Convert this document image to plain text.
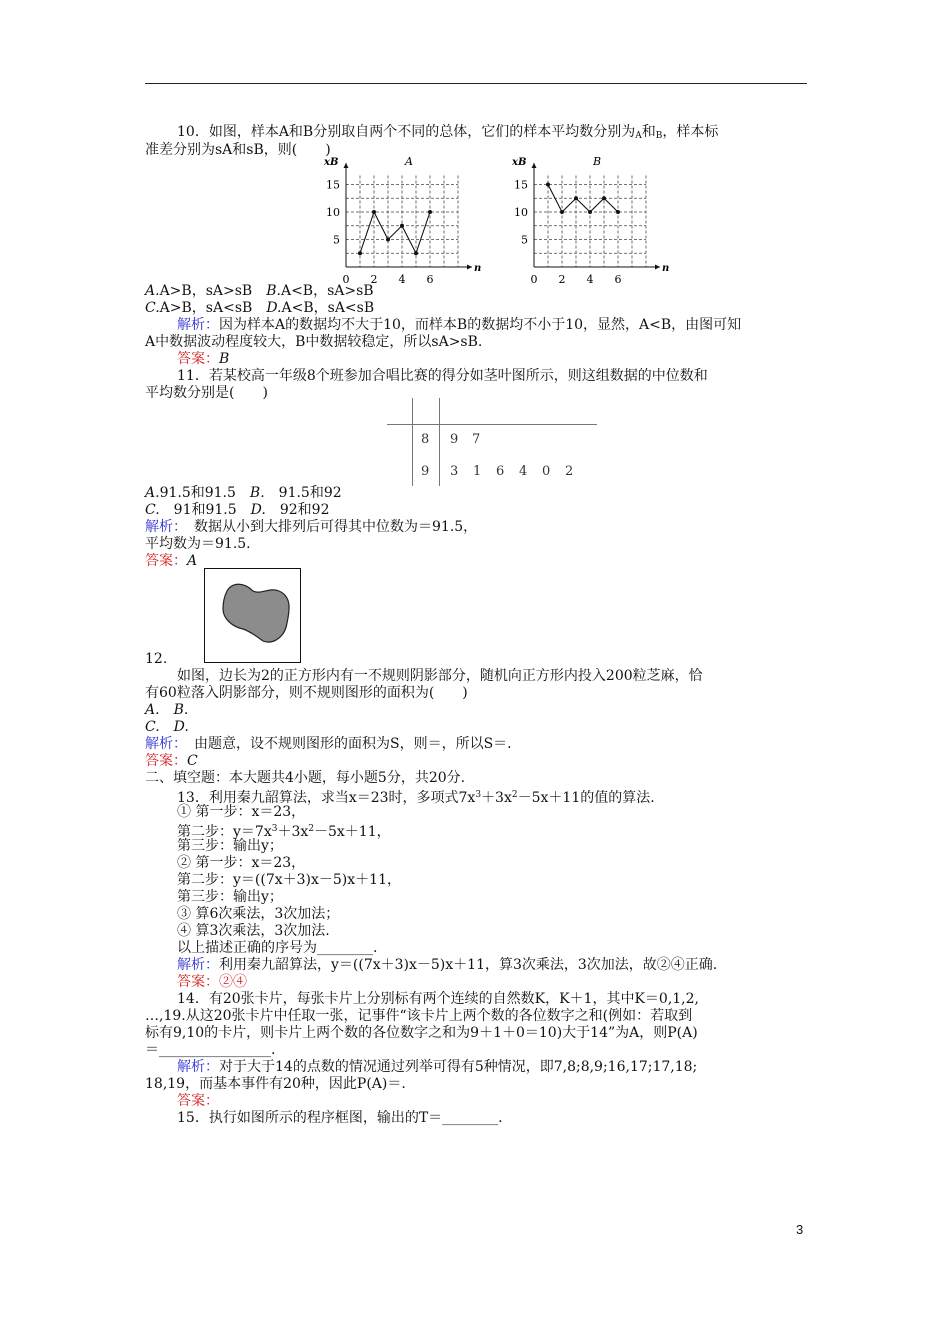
10．如图，样本A和B分别取自两个不同的总体，它们的样本平均数分别为$_A$和$_B$，样本标
准差分别为sA和sB，则(　　)
xB
n
A
5
10
15
0 2 4 6
xB
n
B
5
10
15
0 2 4 6
A.A>B，sA>sB　 B.A<B，sA>sB
C.A>B，sA<sB　 D.A<B，sA<sB
解析：因为样本A的数据均不大于10，而样本B的数据均不小于10，显然，A<B，由图可知
A中数据波动程度较大，B中数据较稳定，所以sA>sB.
答案：B
11．若某校高一年级8个班参加合唱比赛的得分如茎叶图所示，则这组数据的中位数和
平均数分别是(　　)
8 9 7
9 3 1 6 4 0 2
A.91.5和91.5　B.　 91.5和92
C.　 91和91.5　D.　 92和92
解析：　 数据从小到大排列后可得其中位数为＝91.5，
平均数为＝91.5.
答案：A
12.
如图，边长为2的正方形内有一不规则阴影部分，随机向正方形内投入200粒芝麻，恰
有60粒落入阴影部分，则不规则图形的面积为(　　)
A.　 B.
C.　 D.
解析：　 由题意，设不规则图形的面积为S，则＝，所以S＝.
答案：C
二、填空题：本大题共4小题，每小题5分，共20分.
13．利用秦九韶算法，求当x＝23时，多项式$7x^3+3x^2-5x+11$的值的算法.
① 第一步：x＝23，
第二步：$y=7x^3+3x^2-5x+11$，
第三步：输出y；
② 第一步：x＝23，
第二步：y＝((7x＋3)x－5)x＋11，
第三步：输出y；
③ 算6次乘法，3次加法；
④ 算3次乘法，3次加法.
以上描述正确的序号为________.
解析：利用秦九韶算法，y＝((7x＋3)x－5)x＋11，算3次乘法，3次加法，故②④正确.
答案：②④
14．有20张卡片，每张卡片上分别标有两个连续的自然数K，K＋1，其中K＝0,1,2,
…,19.从这20张卡片中任取一张，记事件“该卡片上两个数的各位数字之和(例如：若取到
标有9,10的卡片，则卡片上两个数的各位数字之和为9＋1＋0＝10)大于14”为A，则P(A)
＝________________.
解析：对于大于14的点数的情况通过列举可得有5种情况，即7,8;8,9;16,17;17,18;
18,19，而基本事件有20种，因此P(A)＝.
答案：
15．执行如图所示的程序框图，输出的T＝________.
3
